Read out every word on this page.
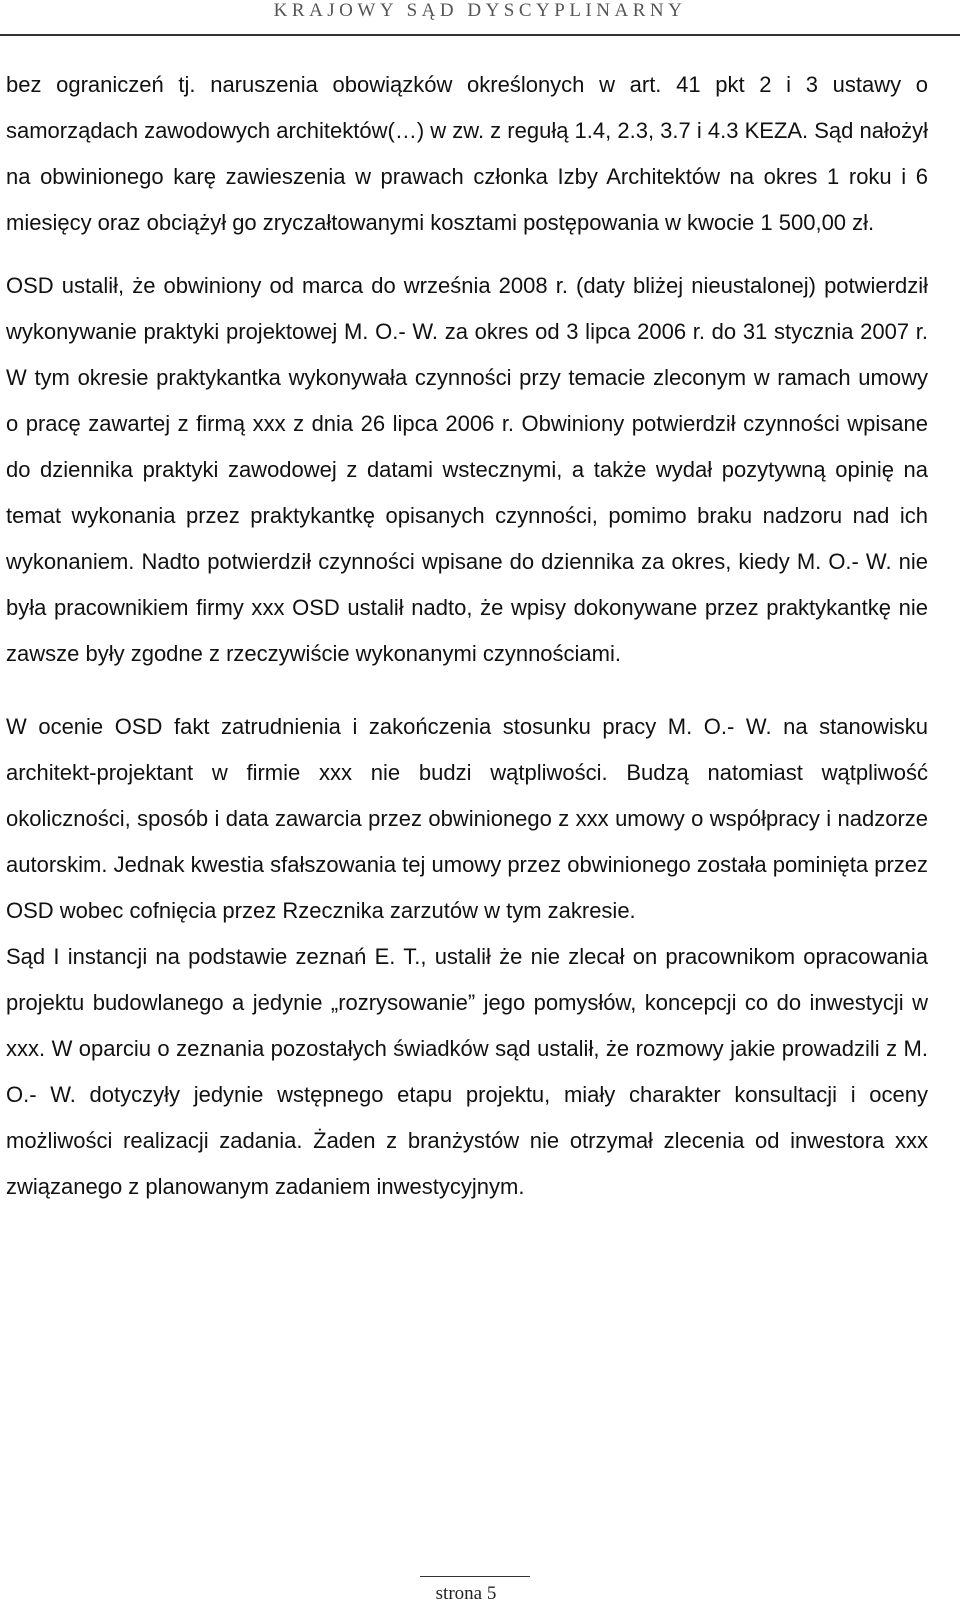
KRAJOWY SĄD DYSCYPLINARNY

bez ograniczeń tj. naruszenia obowiązków określonych w art. 41 pkt 2 i 3 ustawy o samorządach zawodowych architektów(…) w zw. z regułą 1.4, 2.3, 3.7 i 4.3 KEZA. Sąd nałożył na obwinionego karę zawieszenia w prawach członka Izby Architektów na okres 1 roku i 6 miesięcy oraz obciążył go zryczałtowanymi kosztami postępowania w kwocie 1 500,00 zł.

OSD ustalił, że obwiniony od marca do września 2008 r. (daty bliżej nieustalonej) potwierdził wykonywanie praktyki projektowej M. O.- W. za okres od 3 lipca 2006 r. do 31 stycznia 2007 r. W tym okresie praktykantka wykonywała czynności przy temacie zleconym w ramach umowy o pracę zawartej z firmą xxx z dnia 26 lipca 2006 r. Obwiniony potwierdził czynności wpisane do dziennika praktyki zawodowej z datami wstecznymi, a także wydał pozytywną opinię na temat wykonania przez praktykantkę opisanych czynności, pomimo braku nadzoru nad ich wykonaniem. Nadto potwierdził czynności wpisane do dziennika za okres, kiedy M. O.- W. nie była pracownikiem firmy xxx OSD ustalił nadto, że wpisy dokonywane przez praktykantkę nie zawsze były zgodne z rzeczywiście wykonanymi czynnościami.

W ocenie OSD fakt zatrudnienia i zakończenia stosunku pracy M. O.- W. na stanowisku architekt-projektant w firmie xxx nie budzi wątpliwości. Budzą natomiast wątpliwość okoliczności, sposób i data zawarcia przez obwinionego z xxx umowy o współpracy i nadzorze autorskim. Jednak kwestia sfałszowania tej umowy przez obwinionego została pominięta przez OSD wobec cofnięcia przez Rzecznika zarzutów w tym zakresie.

Sąd I instancji na podstawie zeznań E. T., ustalił że nie zlecał on pracownikom opracowania projektu budowlanego a jedynie „rozrysowanie” jego pomysłów, koncepcji co do inwestycji w xxx. W oparciu o zeznania pozostałych świadków sąd ustalił, że rozmowy jakie prowadzili z M. O.- W. dotyczyły jedynie wstępnego etapu projektu, miały charakter konsultacji i oceny możliwości realizacji zadania. Żaden z branżystów nie otrzymał zlecenia od inwestora xxx związanego z planowanym zadaniem inwestycyjnym.

strona 5
